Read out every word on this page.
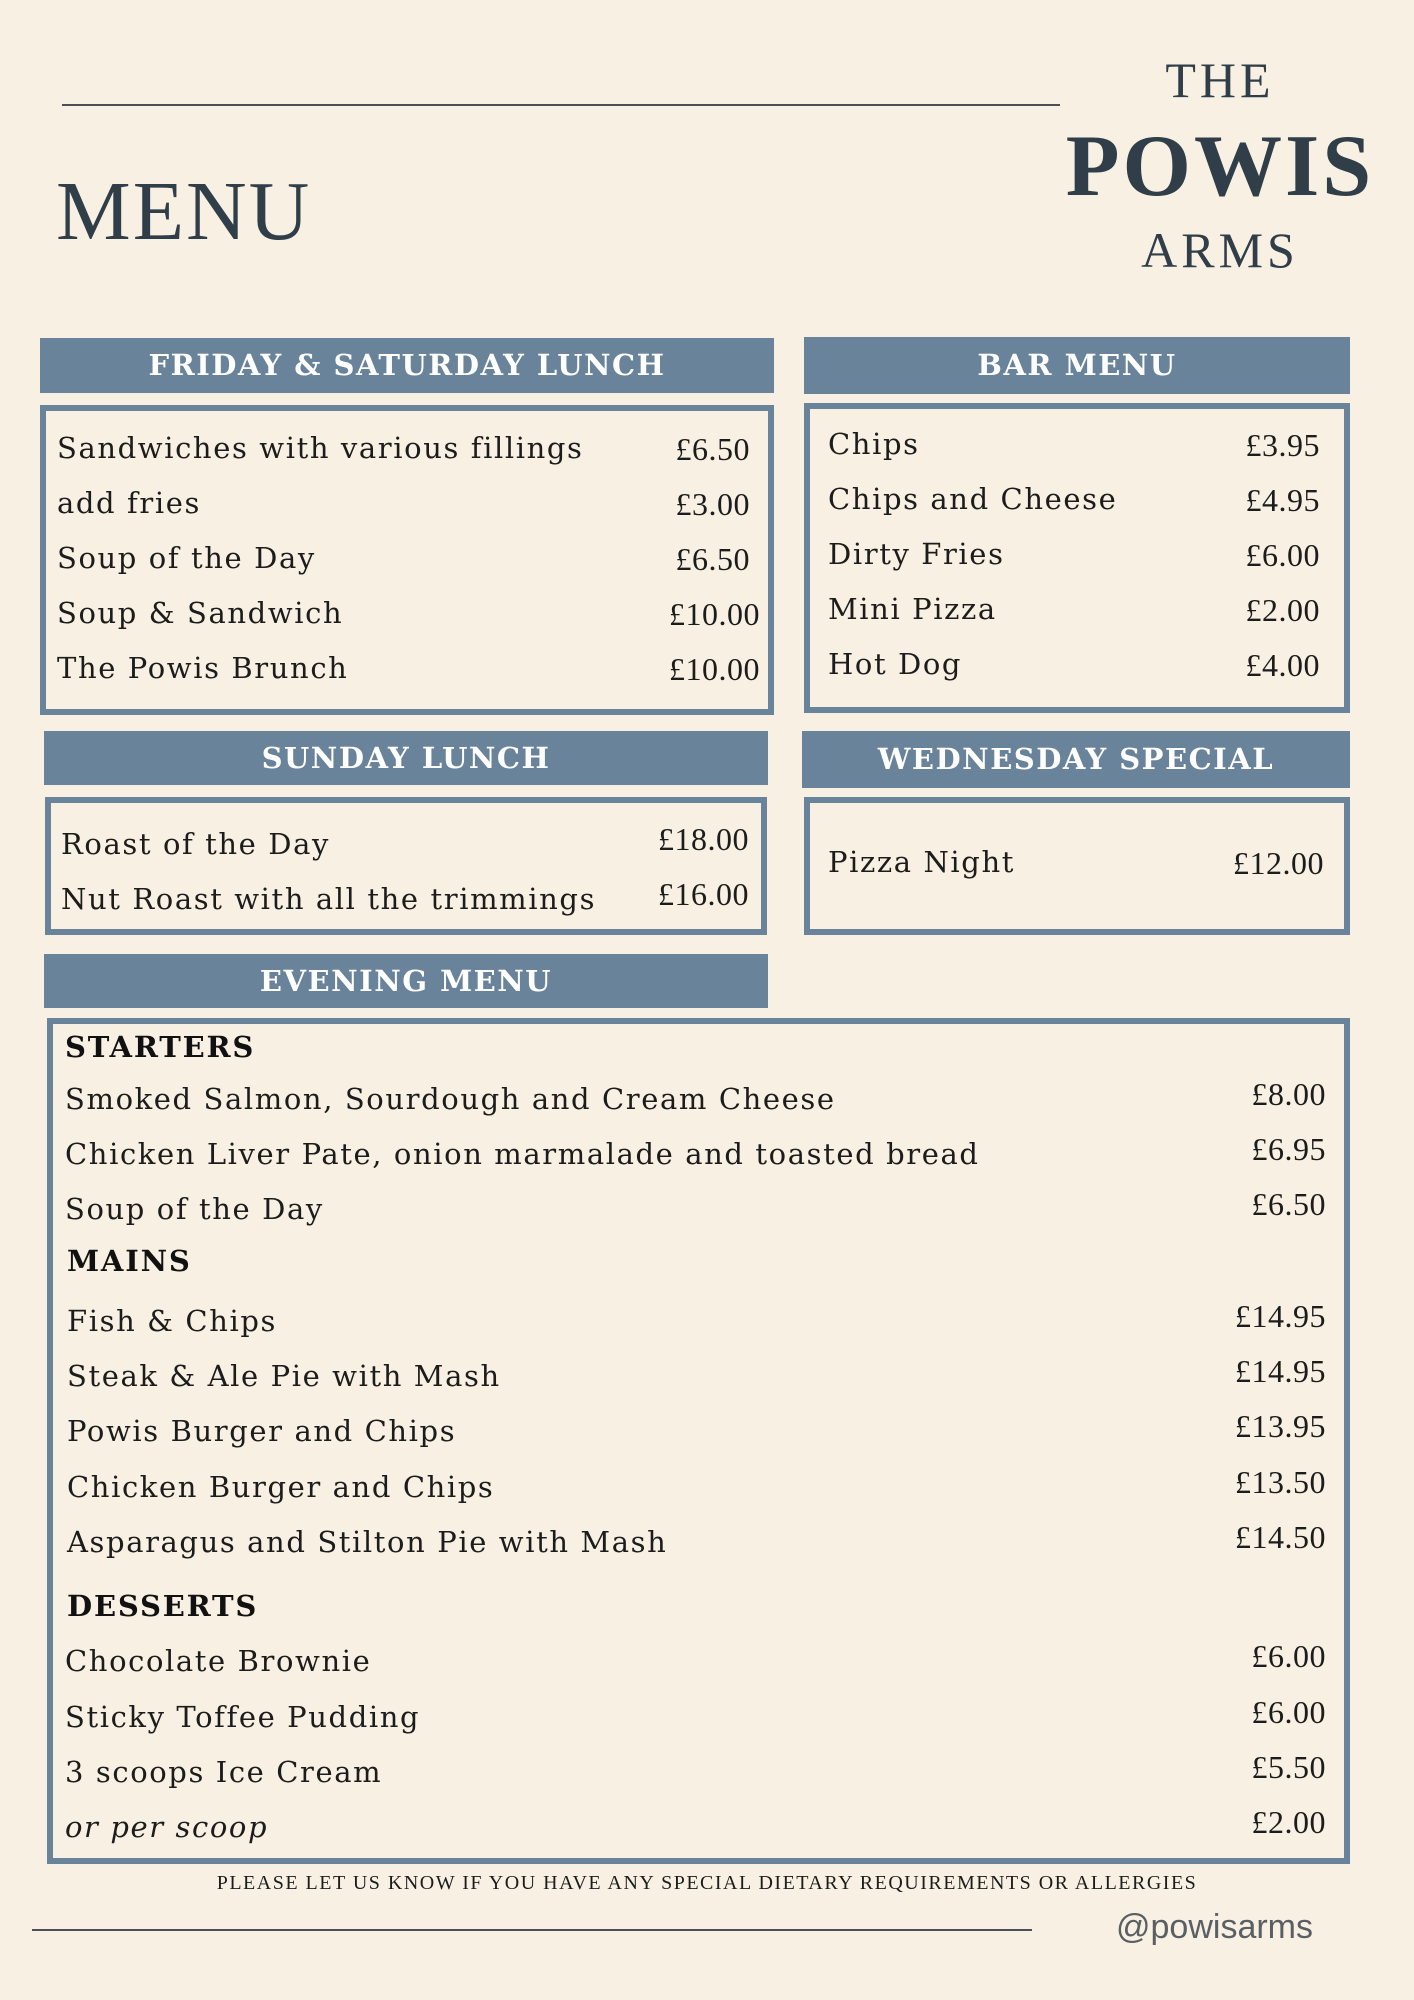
MENU
THE
POWIS
ARMS
FRIDAY & SATURDAY LUNCH
Sandwiches with various fillings	£6.50
add fries	£3.00
Soup of the Day	£6.50
Soup & Sandwich	£10.00
The Powis Brunch	£10.00
BAR MENU
Chips	£3.95
Chips and Cheese	£4.95
Dirty Fries	£6.00
Mini Pizza	£2.00
Hot Dog	£4.00
SUNDAY LUNCH
Roast of the Day	£18.00
Nut Roast with all the trimmings £16.00
WEDNESDAY SPECIAL
Pizza Night	£12.00
EVENING MENU
STARTERS
Smoked Salmon, Sourdough and Cream Cheese	£8.00
Chicken Liver Pate, onion marmalade and toasted bread	£6.95
Soup of the Day	£6.50
MAINS
Fish & Chips	£14.95
Steak & Ale Pie with Mash	£14.95
Powis Burger and Chips	£13.95
Chicken Burger and Chips	£13.50
Asparagus and Stilton Pie with Mash	£14.50
DESSERTS
Chocolate Brownie	£6.00
Sticky Toffee Pudding	£6.00
3 scoops Ice Cream	£5.50
or per scoop	£2.00
PLEASE LET US KNOW IF YOU HAVE ANY SPECIAL DIETARY REQUIREMENTS OR ALLERGIES
@powisarms
